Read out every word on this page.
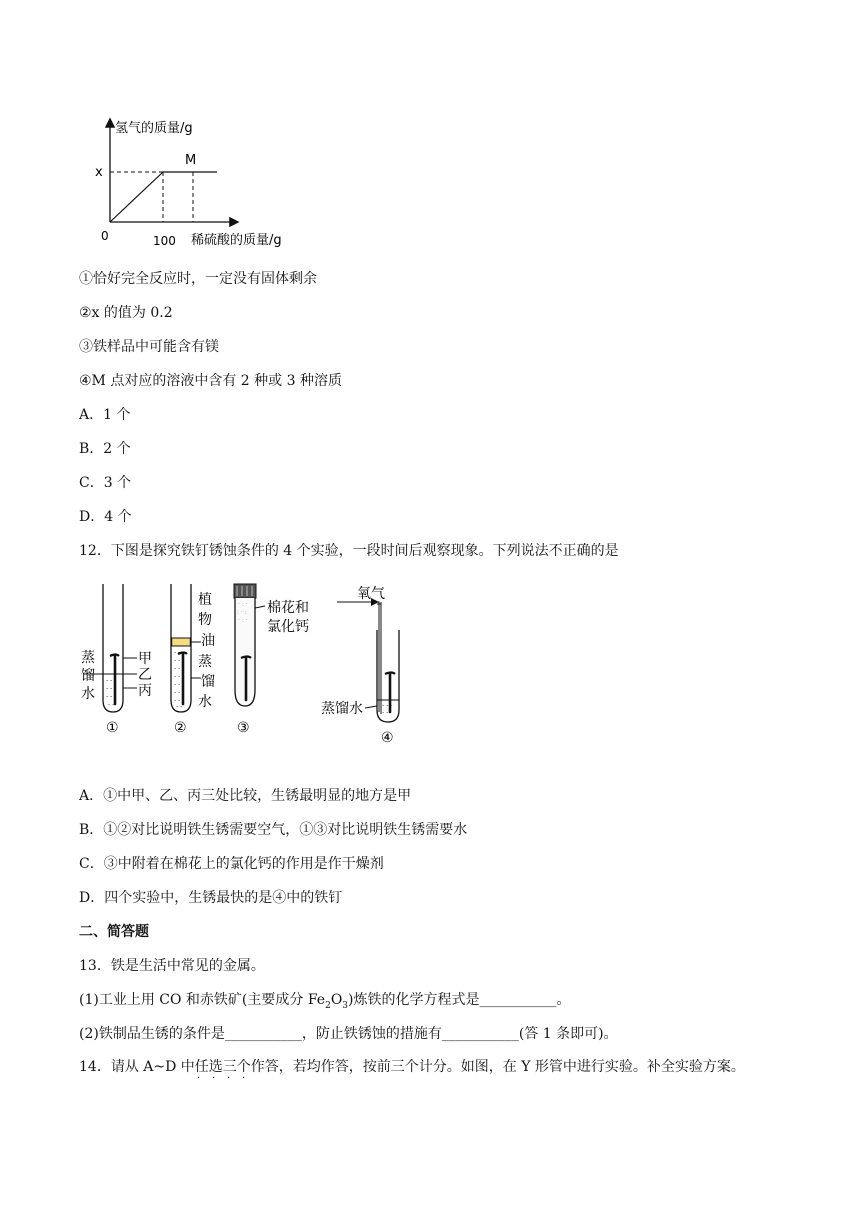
氢气的质量/g
稀硫酸的质量/g
0	100
x
M
①恰好完全反应时，一定没有固体剩余
②x 的值为 0.2
③铁样品中可能含有镁
④M 点对应的溶液中含有 2 种或 3 种溶质
A．1 个
B．2 个
C．3 个
D．4 个
12．下图是探究铁钉锈蚀条件的 4 个实验，一段时间后观察现象。下列说法不正确的是
- - -
- - -
- - -
- -
蒸
馏
水
甲
乙
丙
①
- - -
- - -
- - -
- - -
- - -
- - -
- - -
- -
植
物
油
蒸
馏
水
②
· : ·
: · :
· : ·
棉花和
氯化钙
③
- - -
- -
氧气
蒸馏水
④
A．①中甲、乙、丙三处比较，生锈最明显的地方是甲
B．①②对比说明铁生锈需要空气，①③对比说明铁生锈需要水
C．③中附着在棉花上的氯化钙的作用是作干燥剂
D．四个实验中，生锈最快的是④中的铁钉
二、简答题
13．铁是生活中常见的金属。
(1)工业上用 CO 和赤铁矿(主要成分 $Fe_2O_3$)炼铁的化学方程式是___________。
(2)铁制品生锈的条件是___________，防止铁锈蚀的措施有___________(答 1 条即可)。
14．请从 A~D 中任选三个作答，若均作答，按前三个计分。如图，在 Y 形管中进行实验。补全实验方案。
· · · ·
